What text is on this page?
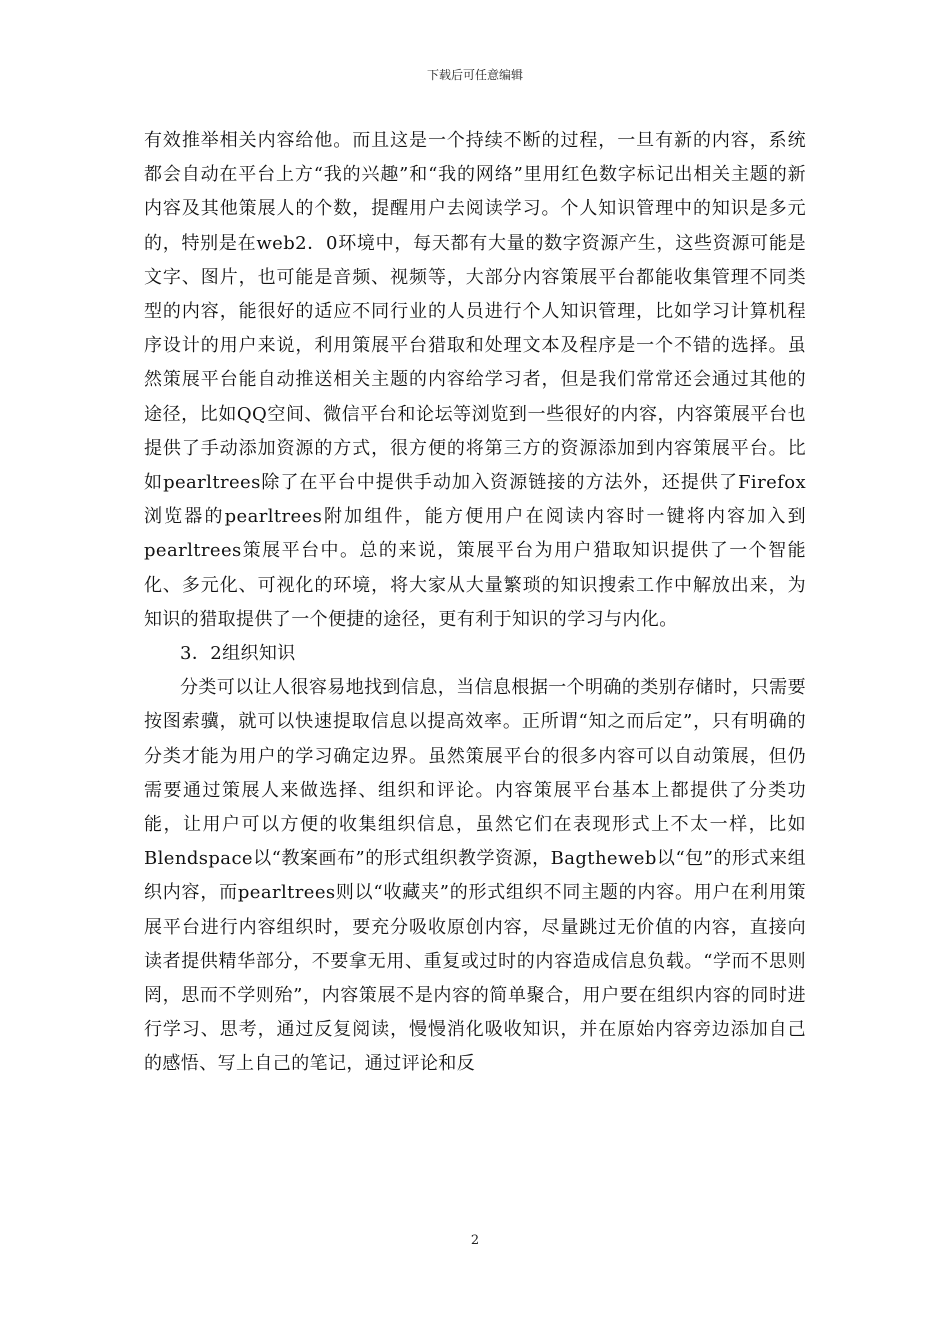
下载后可任意编辑

有效推举相关内容给他。而且这是一个持续不断的过程，一旦有新的内容，系统都会自动在平台上方“我的兴趣”和“我的网络”里用红色数字标记出相关主题的新内容及其他策展人的个数，提醒用户去阅读学习。个人知识管理中的知识是多元的，特别是在web2．0环境中，每天都有大量的数字资源产生，这些资源可能是文字、图片，也可能是音频、视频等，大部分内容策展平台都能收集管理不同类型的内容，能很好的适应不同行业的人员进行个人知识管理，比如学习计算机程序设计的用户来说，利用策展平台猎取和处理文本及程序是一个不错的选择。虽然策展平台能自动推送相关主题的内容给学习者，但是我们常常还会通过其他的途径，比如QQ空间、微信平台和论坛等浏览到一些很好的内容，内容策展平台也提供了手动添加资源的方式，很方便的将第三方的资源添加到内容策展平台。比如pearltrees除了在平台中提供手动加入资源链接的方法外，还提供了Firefox浏览器的pearltrees附加组件，能方便用户在阅读内容时一键将内容加入到pearltrees策展平台中。总的来说，策展平台为用户猎取知识提供了一个智能化、多元化、可视化的环境，将大家从大量繁琐的知识搜索工作中解放出来，为知识的猎取提供了一个便捷的途径，更有利于知识的学习与内化。

3．2组织知识

分类可以让人很容易地找到信息，当信息根据一个明确的类别存储时，只需要按图索骥，就可以快速提取信息以提高效率。正所谓“知之而后定”，只有明确的分类才能为用户的学习确定边界。虽然策展平台的很多内容可以自动策展，但仍需要通过策展人来做选择、组织和评论。内容策展平台基本上都提供了分类功能，让用户可以方便的收集组织信息，虽然它们在表现形式上不太一样，比如Blendspace以“教案画布”的形式组织教学资源，Bagtheweb以“包”的形式来组织内容，而pearltrees则以“收藏夹”的形式组织不同主题的内容。用户在利用策展平台进行内容组织时，要充分吸收原创内容，尽量跳过无价值的内容，直接向读者提供精华部分，不要拿无用、重复或过时的内容造成信息负载。“学而不思则罔，思而不学则殆”，内容策展不是内容的简单聚合，用户要在组织内容的同时进行学习、思考，通过反复阅读，慢慢消化吸收知识，并在原始内容旁边添加自己的感悟、写上自己的笔记，通过评论和反

2
